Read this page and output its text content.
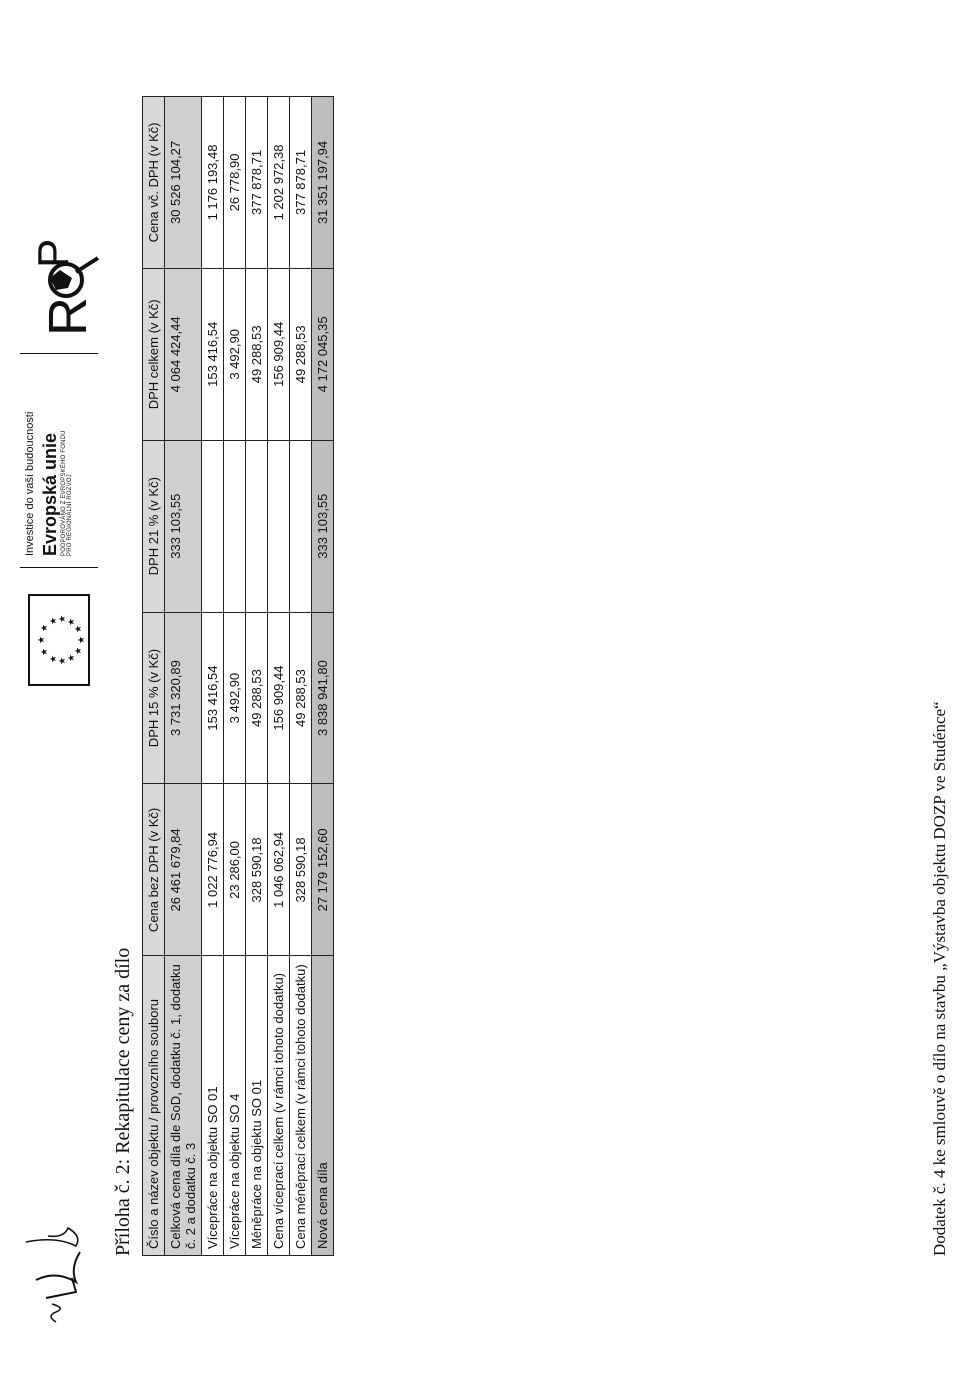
★
★
★ ★ ★
★
★
★
★
★
★
★
Investice do vaší budoucnosti Evropská unie PODPOROVÁNO Z EVROPSKÉHO FONDU PRO REGIONÁLNÍ ROZVOJ
R
P
Příloha č. 2: Rekapitulace ceny za dílo Číslo a název objektu / provozního souboru	Cena bez DPH (v Kč)	DPH 15 % (v Kč)	DPH 21 % (v Kč)	DPH celkem (v Kč)	Cena vč. DPH (v Kč)
Celková cena díla dle SoD, dodatku č. 1, dodatku č. 2 a dodatku č. 3	26 461 679,84	3 731 320,89	333 103,55	4 064 424,44	30 526 104,27
Vícepráce na objektu SO 01	1 022 776,94	153 416,54		153 416,54	1 176 193,48
Vícepráce na objektu SO 4	23 286,00	3 492,90		3 492,90	26 778,90
Méněpráce na objektu SO 01	328 590,18	49 288,53		49 288,53	377 878,71
Cena víceprací celkem (v rámci tohoto dodatku)	1 046 062,94	156 909,44		156 909,44	1 202 972,38
Cena méněprací celkem (v rámci tohoto dodatku)	328 590,18	49 288,53		49 288,53	377 878,71
Nová cena díla	27 179 152,60	3 838 941,80	333 103,55	4 172 045,35	31 351 197,94
Dodatek č. 4 ke smlouvě o dílo na stavbu „Výstavba objektu DOZP ve Studénce“
